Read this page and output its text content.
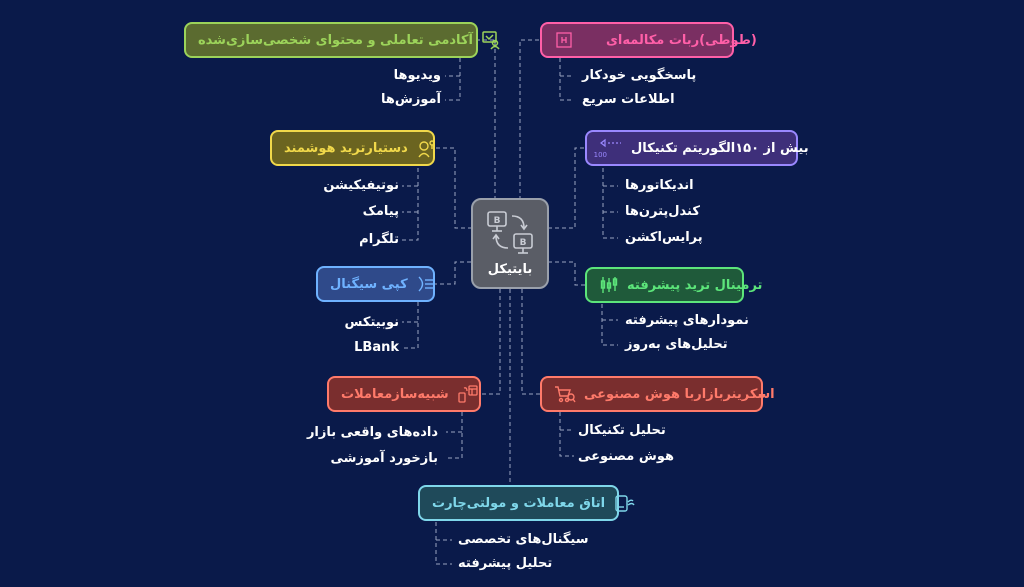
B
B
بایتیکل
آکادمی تعاملی و محتوای شخصی‌سازی‌شده
ویدیوها
آموزش‌ها
(طوطی)ربات مکالمه‌ای
پاسخگویی خودکار
اطلاعات سریع
دستیارترید هوشمند
نوتیفیکیشن
پیامک
تلگرام
بیش از ۱۵۰الگوریتم تکنیکال
100
اندیکاتورها
کندل‌پترن‌ها
پرایس‌اکشن
کپی سیگنال
نوبیتکس
LBank
ترمینال ترید پیشرفته
نمودارهای پیشرفته
تحلیل‌های به‌روز
شبیه‌سازمعاملات
داده‌های واقعی بازار
بازخورد آموزشی
اسکرینربازاربا هوش مصنوعی
تحلیل تکنیکال
هوش مصنوعی
اتاق معاملات و مولتی‌چارت
سیگنال‌های تخصصی
تحلیل پیشرفته
